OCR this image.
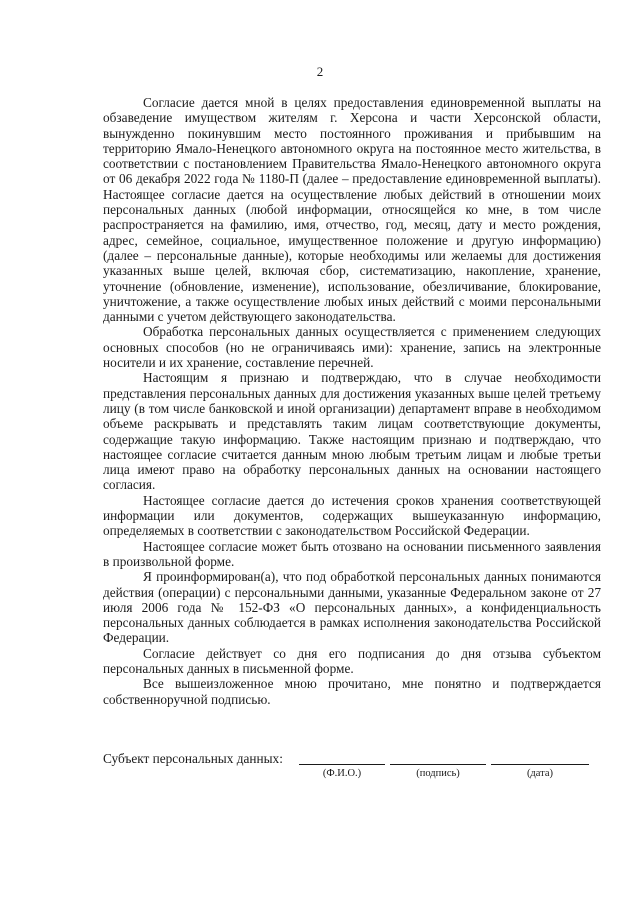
2

Согласие дается мной в целях предоставления единовременной выплаты на обзаведение имуществом жителям г. Херсона и части Херсонской области, вынужденно покинувшим место постоянного проживания и прибывшим на территорию Ямало-Ненецкого автономного округа на постоянное место жительства, в соответствии с постановлением Правительства Ямало-Ненецкого автономного округа от 06 декабря 2022 года № 1180-П (далее – предоставление единовременной выплаты). Настоящее согласие дается на осуществление любых действий в отношении моих персональных данных (любой информации, относящейся ко мне, в том числе распространяется на фамилию, имя, отчество, год, месяц, дату и место рождения, адрес, семейное, социальное, имущественное положение и другую информацию) (далее – персональные данные), которые необходимы или желаемы для достижения указанных выше целей, включая сбор, систематизацию, накопление, хранение, уточнение (обновление, изменение), использование, обезличивание, блокирование, уничтожение, а также осуществление любых иных действий с моими персональными данными с учетом действующего законодательства.

Обработка персональных данных осуществляется с применением следующих основных способов (но не ограничиваясь ими): хранение, запись на электронные носители и их хранение, составление перечней.

Настоящим я признаю и подтверждаю, что в случае необходимости представления персональных данных для достижения указанных выше целей третьему лицу (в том числе банковской и иной организации) департамент вправе в необходимом объеме раскрывать и представлять таким лицам соответствующие документы, содержащие такую информацию. Также настоящим признаю и подтверждаю, что настоящее согласие считается данным мною любым третьим лицам и любые третьи лица имеют право на обработку персональных данных на основании настоящего согласия.

Настоящее согласие дается до истечения сроков хранения соответствующей информации или документов, содержащих вышеуказанную информацию, определяемых в соответствии с законодательством Российской Федерации.

Настоящее согласие может быть отозвано на основании письменного заявления в произвольной форме.

Я проинформирован(а), что под обработкой персональных данных понимаются действия (операции) с персональными данными, указанные Федеральном законе от 27 июля 2006 года № 152-ФЗ «О персональных данных», а конфиденциальность персональных данных соблюдается в рамках исполнения законодательства Российской Федерации.

Согласие действует со дня его подписания до дня отзыва субъектом персональных данных в письменной форме.

Все вышеизложенное мною прочитано, мне понятно и подтверждается собственноручной подписью.

Субъект персональных данных:
(Ф.И.О.)	(подпись)	(дата)
